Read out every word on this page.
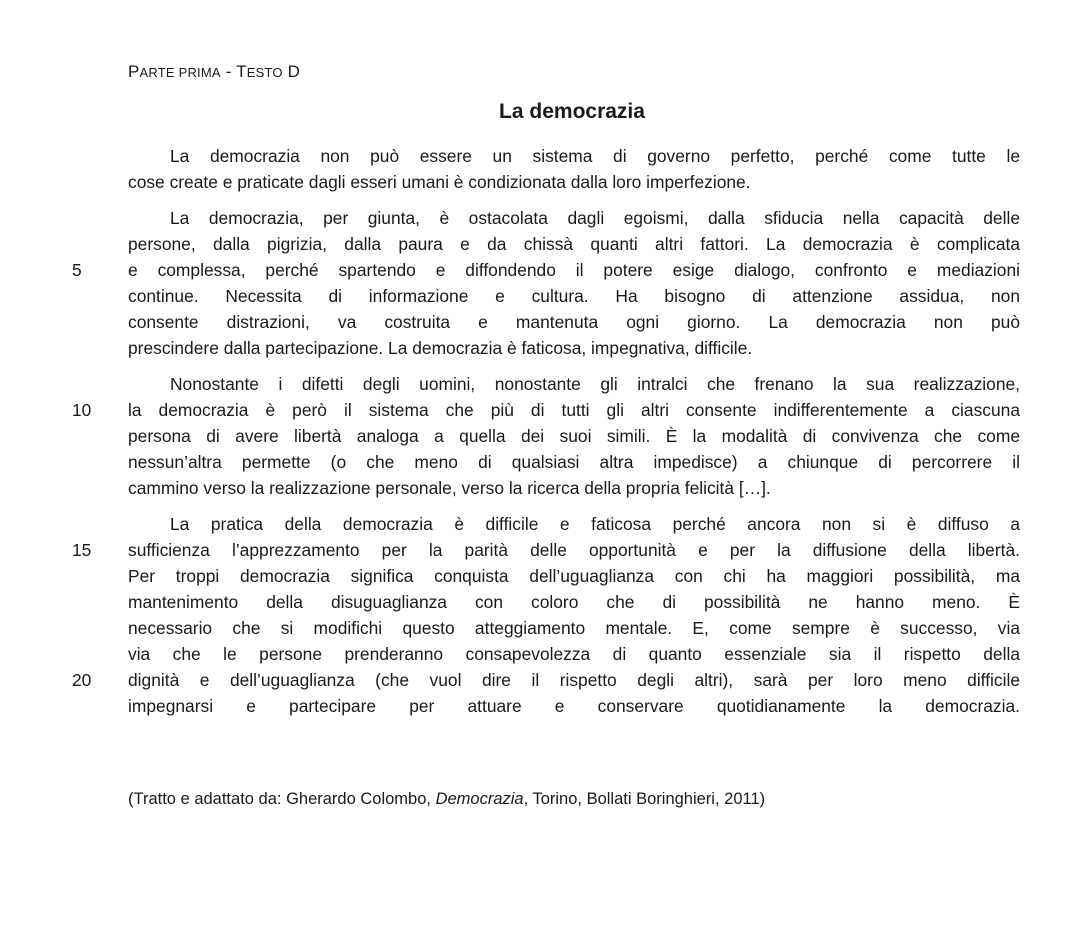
PARTE PRIMA - TESTO D
La democrazia
La democrazia non può essere un sistema di governo perfetto, perché come tutte le
cose create e praticate dagli esseri umani è condizionata dalla loro imperfezione.
La democrazia, per giunta, è ostacolata dagli egoismi, dalla sfiducia nella capacità delle
persone, dalla pigrizia, dalla paura e da chissà quanti altri fattori. La democrazia è complicata
5	e complessa, perché spartendo e diffondendo il potere esige dialogo, confronto e mediazioni
continue. Necessita di informazione e cultura. Ha bisogno di attenzione assidua, non
consente distrazioni, va costruita e mantenuta ogni giorno. La democrazia non può
prescindere dalla partecipazione. La democrazia è faticosa, impegnativa, difficile.
Nonostante i difetti degli uomini, nonostante gli intralci che frenano la sua realizzazione,
10	la democrazia è però il sistema che più di tutti gli altri consente indifferentemente a ciascuna
persona di avere libertà analoga a quella dei suoi simili. È la modalità di convivenza che come
nessun’altra permette (o che meno di qualsiasi altra impedisce) a chiunque di percorrere il
cammino verso la realizzazione personale, verso la ricerca della propria felicità […].
La pratica della democrazia è difficile e faticosa perché ancora non si è diffuso a
15	sufficienza l’apprezzamento per la parità delle opportunità e per la diffusione della libertà.
Per troppi democrazia significa conquista dell’uguaglianza con chi ha maggiori possibilità, ma
mantenimento della disuguaglianza con coloro che di possibilità ne hanno meno. È
necessario che si modifichi questo atteggiamento mentale. E, come sempre è successo, via
via che le persone prenderanno consapevolezza di quanto essenziale sia il rispetto della
20	dignità e dell’uguaglianza (che vuol dire il rispetto degli altri), sarà per loro meno difficile
impegnarsi e partecipare per attuare e conservare quotidianamente la democrazia.
(Tratto e adattato da: Gherardo Colombo, Democrazia, Torino, Bollati Boringhieri, 2011)
